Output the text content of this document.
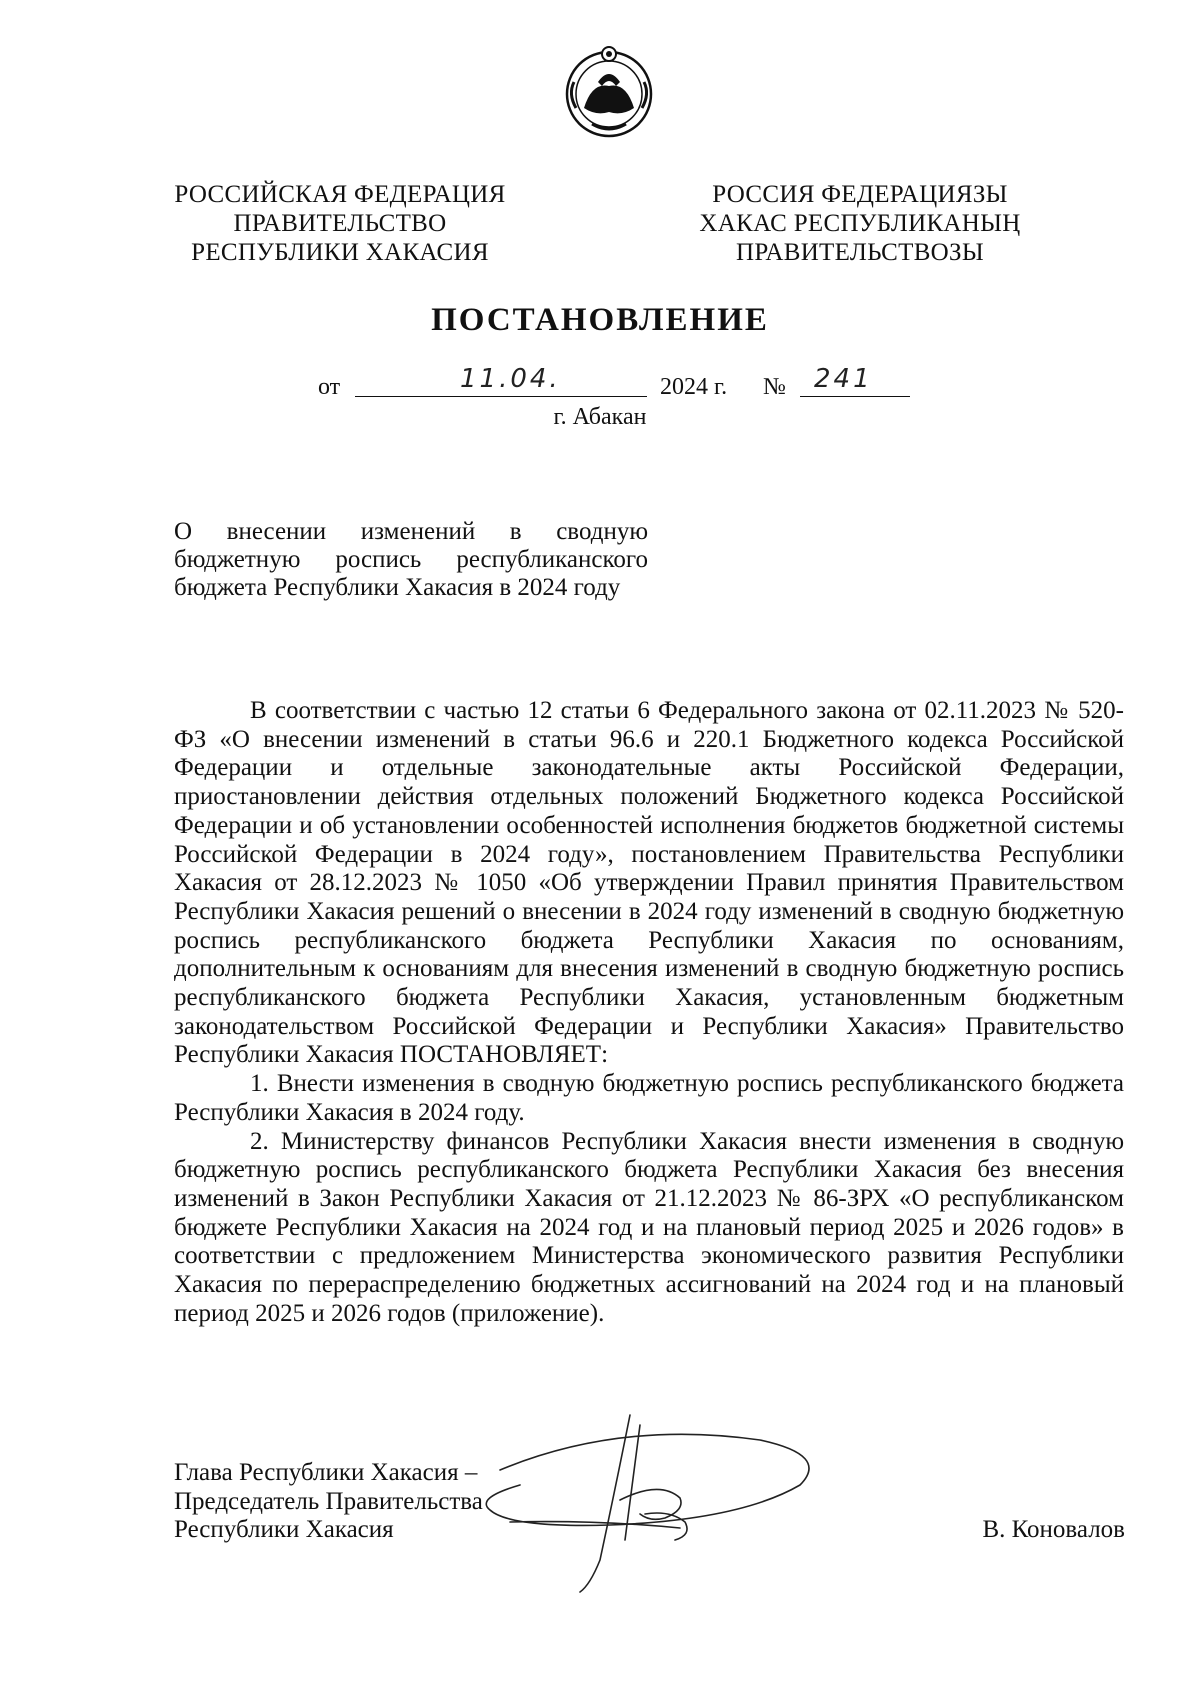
РОССИЙСКАЯ ФЕДЕРАЦИЯ
ПРАВИТЕЛЬСТВО
РЕСПУБЛИКИ ХАКАСИЯ
РОССИЯ ФЕДЕРАЦИЯЗЫ
ХАКАС РЕСПУБЛИКАНЫҢ
ПРАВИТЕЛЬСТВОЗЫ
ПОСТАНОВЛЕНИЕ
от	11.04.	2024 г. № 241
г. Абакан
О внесении изменений в сводную бюджетную роспись республиканского бюджета Республики Хакасия в 2024 году

В соответствии с частью 12 статьи 6 Федерального закона от 02.11.2023 № 520-ФЗ «О внесении изменений в статьи 96.6 и 220.1 Бюджетного кодекса Российской Федерации и отдельные законодательные акты Российской Федерации, приостановлении действия отдельных положений Бюджетного кодекса Российской Федерации и об установлении особенностей исполнения бюджетов бюджетной системы Российской Федерации в 2024 году», постановлением Правительства Республики Хакасия от 28.12.2023 № 1050 «Об утверждении Правил принятия Правительством Республики Хакасия решений о внесении в 2024 году изменений в сводную бюджетную роспись республиканского бюджета Республики Хакасия по основаниям, дополнительным к основаниям для внесения изменений в сводную бюджетную роспись республиканского бюджета Республики Хакасия, установленным бюджетным законодательством Российской Федерации и Республики Хакасия» Правительство Республики Хакасия ПОСТАНОВЛЯЕТ:

1. Внести изменения в сводную бюджетную роспись республиканского бюджета Республики Хакасия в 2024 году.

2. Министерству финансов Республики Хакасия внести изменения в сводную бюджетную роспись республиканского бюджета Республики Хакасия без внесения изменений в Закон Республики Хакасия от 21.12.2023 № 86-ЗРХ «О республиканском бюджете Республики Хакасия на 2024 год и на плановый период 2025 и 2026 годов» в соответствии с предложением Министерства экономического развития Республики Хакасия по перераспределению бюджетных ассигнований на 2024 год и на плановый период 2025 и 2026 годов (приложение).

Глава Республики Хакасия –
Председатель Правительства
Республики Хакасия	В. Коновалов
